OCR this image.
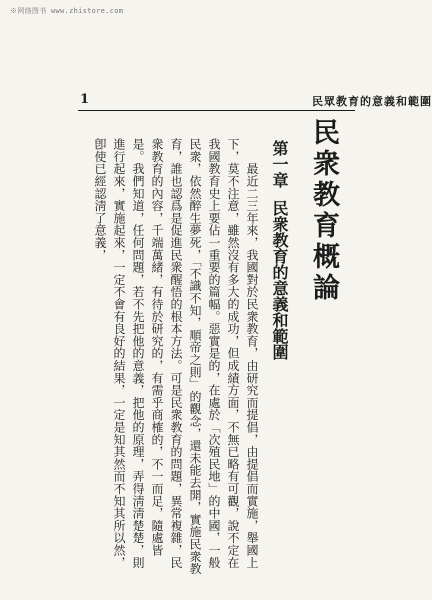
※网络图书 www.zhistore.com
1	民眾教育的意義和範圍
民衆教育概論
第一章民衆教育的意義和範圍

　　最近二三年來，我國對於民衆教育，由研究而提倡，由提倡而實施，舉國上下，莫不注意，雖然沒有多大的成功，但成績方面，不無已略有可觀，說不定在我國教育史上要佔一重要的篇幅。惡實是的，在處於「次殖民地」的中國，一般民衆，依然醉生夢死，「不識不知，順帝之則」的觀念，還未能去開，實施民衆教育，誰也認爲是促進民衆醒悟的根本方法。可是民衆教育的問題，異常複雜，民衆教育的內容，千端萬緒，有待於研究的，有需乎商榷的，不一而足，隨處皆是。我們知道，任何問題，若不先把他的意義，把他的原理，弄得淸淸楚楚，則進行起來，實施起來，一定不會有良好的結果，一定是知其然而不知其所以然，卽使已經認淸了意義，
